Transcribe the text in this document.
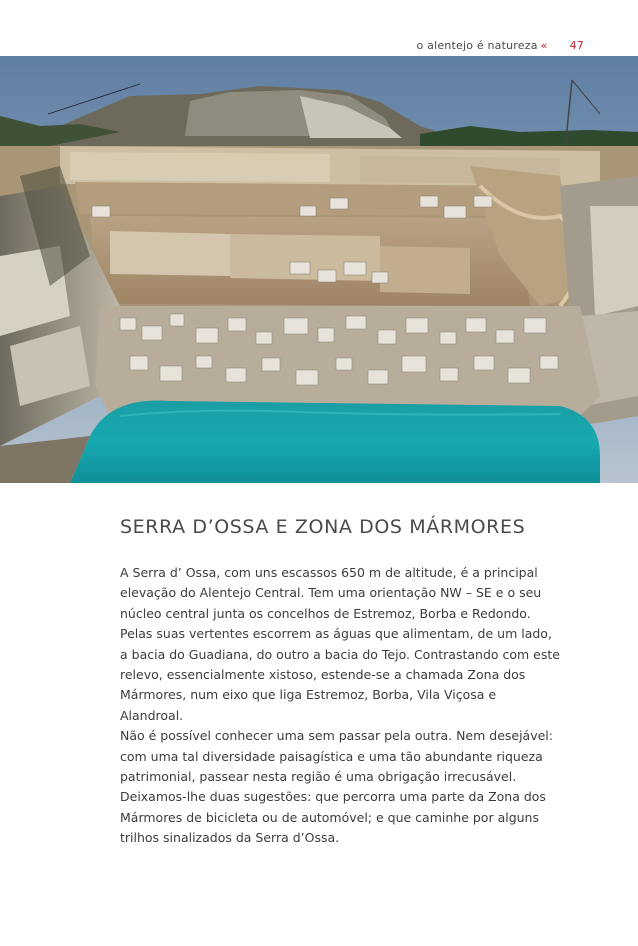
o alentejo é natureza « 47
SERRA D’OSSA E ZONA DOS MÁRMORES
A Serra d’ Ossa, com uns escassos 650 m de altitude, é a principal
elevação do Alentejo Central. Tem uma orientação NW – SE e o seu
núcleo central junta os concelhos de Estremoz, Borba e Redondo.
Pelas suas vertentes escorrem as águas que alimentam, de um lado,
a bacia do Guadiana, do outro a bacia do Tejo. Contrastando com este
relevo, essencialmente xistoso, estende-se a chamada Zona dos
Mármores, num eixo que liga Estremoz, Borba, Vila Viçosa e
Alandroal.
Não é possível conhecer uma sem passar pela outra. Nem desejável:
com uma tal diversidade paisagística e uma tão abundante riqueza
patrimonial, passear nesta região é uma obrigação irrecusável.
Deixamos-lhe duas sugestões: que percorra uma parte da Zona dos
Mármores de bicicleta ou de automóvel; e que caminhe por alguns
trilhos sinalizados da Serra d’Ossa.
